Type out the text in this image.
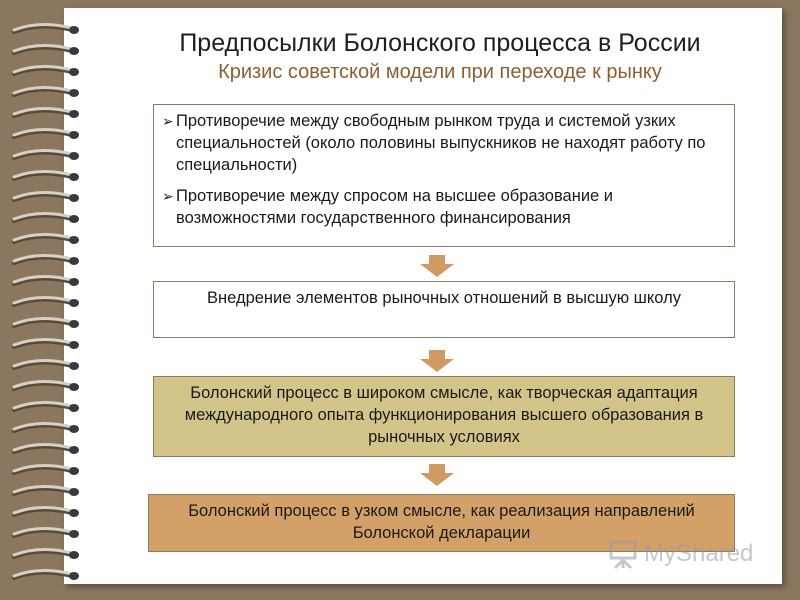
Предпосылки Болонского процесса в России
Кризис советской модели при переходе к рынку
➢ Противоречие между свободным рынком труда и системой узких специальностей (около половины выпускников не находят работу по специальности)
➢ Противоречие между спросом на высшее образование и возможностями государственного финансирования
Внедрение элементов рыночных отношений в высшую школу
Болонский процесс в широком смысле, как творческая адаптация международного опыта функционирования высшего образования в рыночных условиях
Болонский процесс в узком смысле, как реализация направлений Болонской декларации
MyShared
